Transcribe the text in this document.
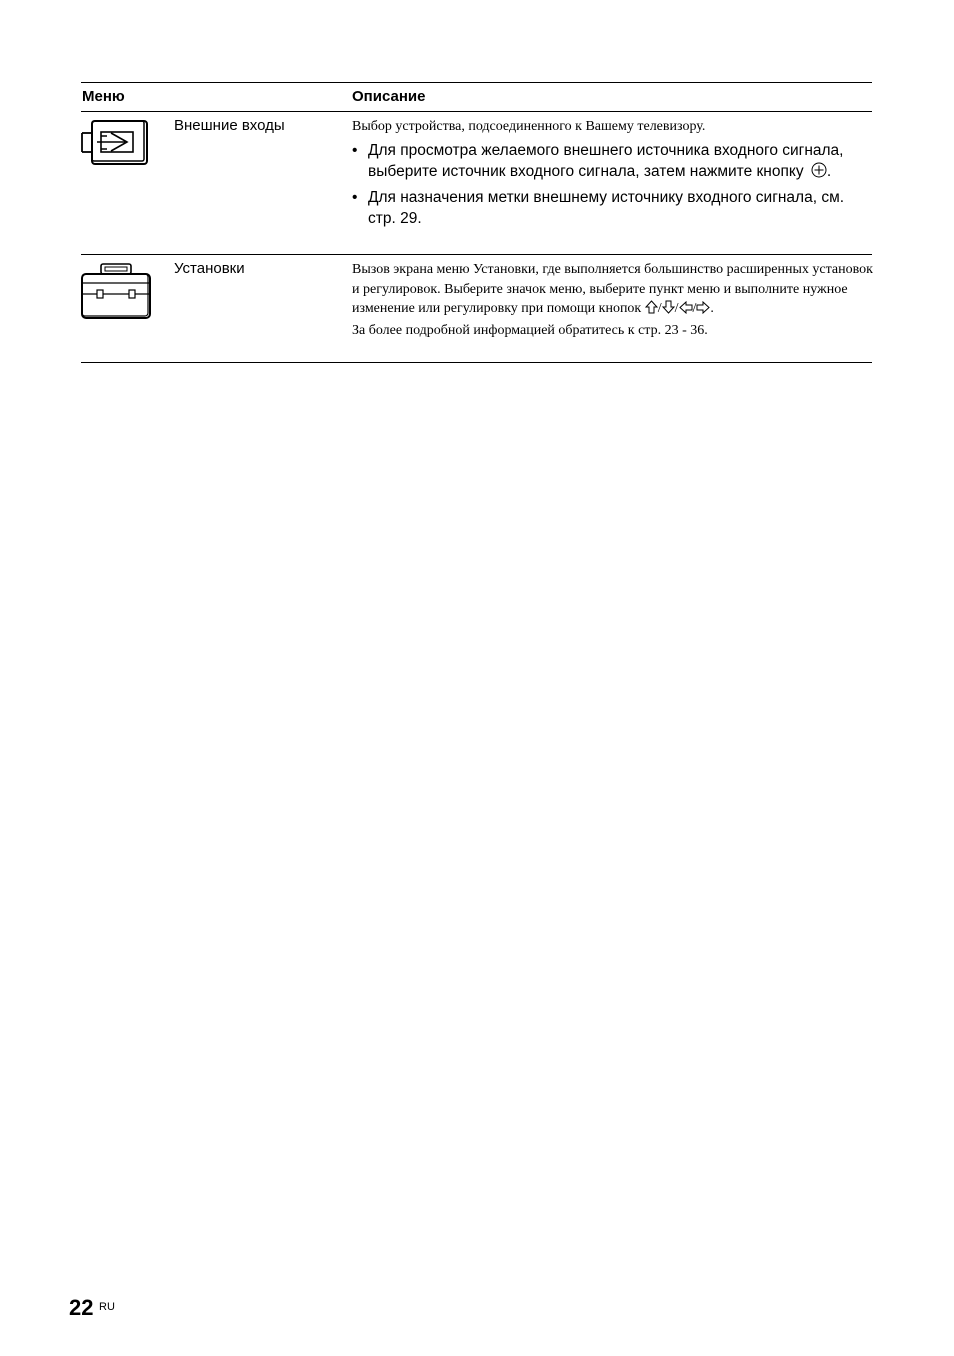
Меню	Описание
Внешние входы	Выбор устройства, подсоединенного к Вашему телевизору.
• Для просмотра желаемого внешнего источника входного сигнала, выберите источник входного сигнала, затем нажмите кнопку .
• Для назначения метки внешнему источнику входного сигнала, см. стр. 29.
Установки	Вызов экрана меню Установки, где выполняется большинство расширенных установок и регулировок. Выберите значок меню, выберите пункт меню и выполните нужное изменение или регулировку при помощи кнопок / / / .
За более подробной информацией обратитесь к стр. 23 - 36.
22 RU
